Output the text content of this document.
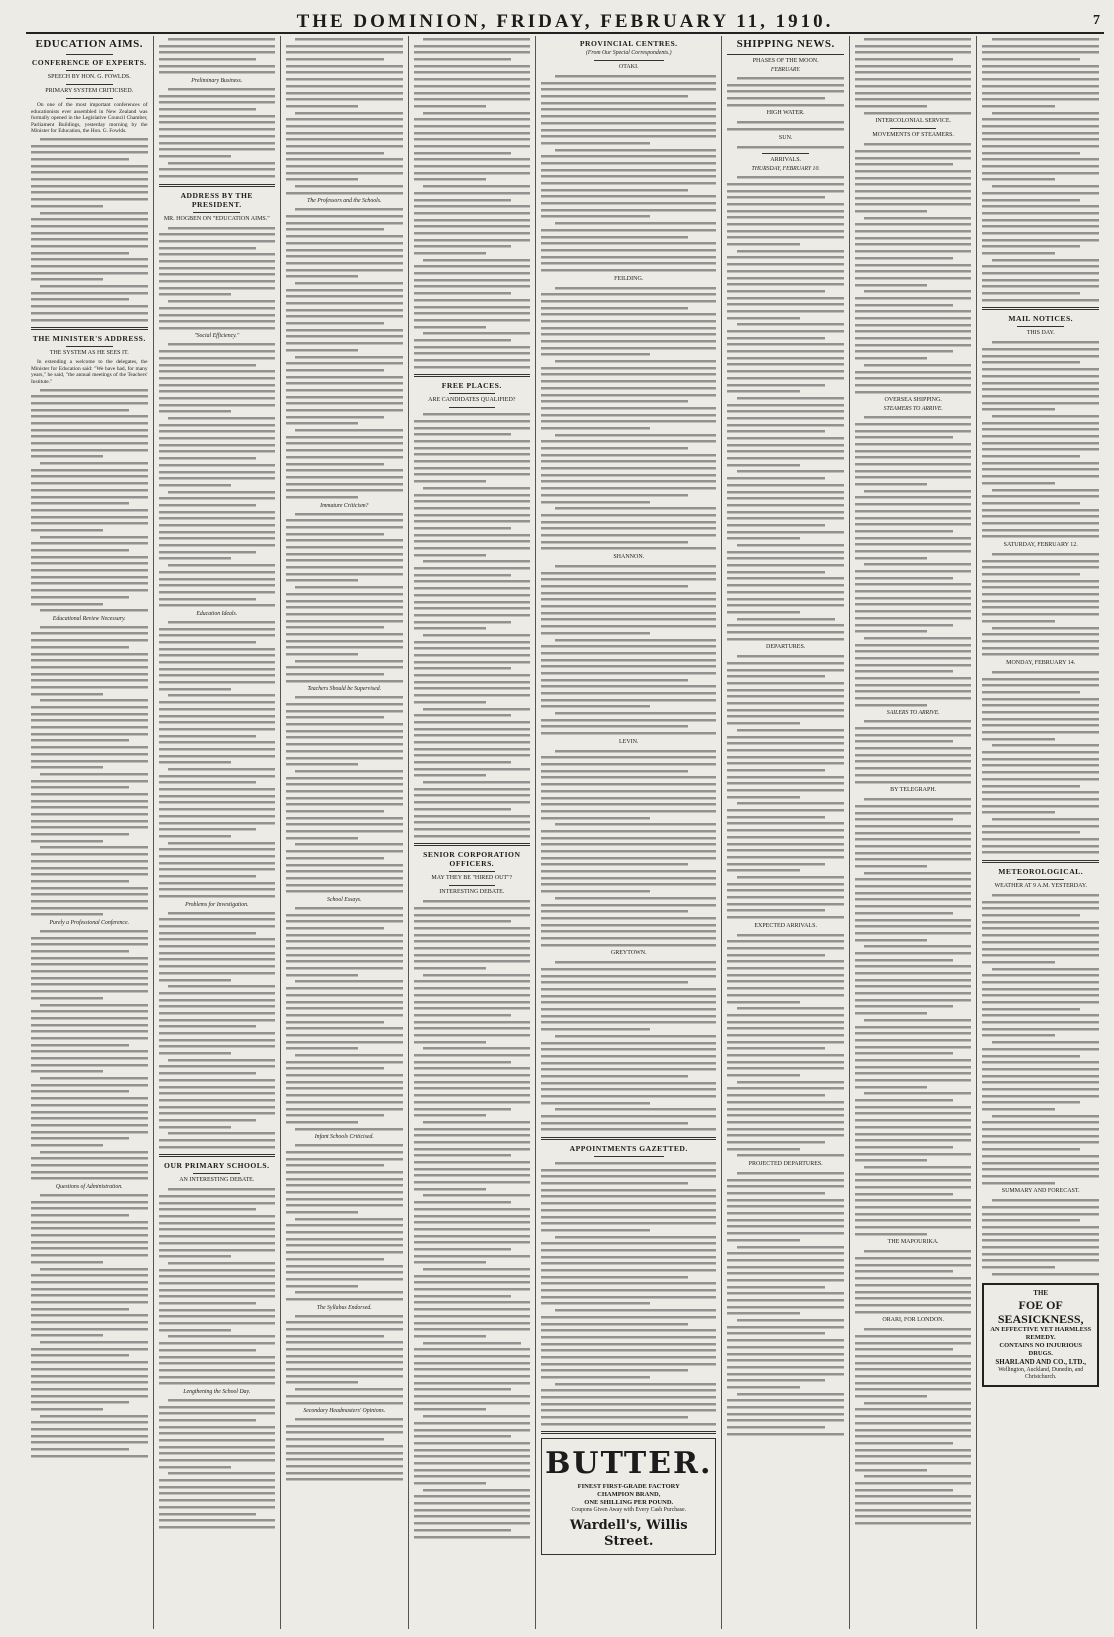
THE DOMINION, FRIDAY, FEBRUARY 11, 1910.	7
EDUCATION AIMS.
CONFERENCE OF EXPERTS.
SPEECH BY HON. G. FOWLDS.
PRIMARY SYSTEM CRITICISED.

On one of the most important conferences of educationists ever assembled in New Zealand was formally opened in the Legislative Council Chamber, Parliament Buildings, yesterday morning by the Minister for Education, the Hon. G. Fowlds.

THE MINISTER'S ADDRESS.
THE SYSTEM AS HE SEES IT.

In extending a welcome to the delegates, the Minister for Education said: "We have had, for many years," he said, "the annual meetings of the Teachers' Institute."

Educational Review Necessary.
Purely a Professional Conference.
Questions of Administration.
Preliminary Business.
ADDRESS BY THE PRESIDENT.
MR. HOGBEN ON "EDUCATION AIMS."
"Social Efficiency."
Education Ideals.
Problems for Investigation.
OUR PRIMARY SCHOOLS.
AN INTERESTING DEBATE.
Lengthening the School Day.
The Professors and the Schools.
Immature Criticism?
Teachers Should be Supervised.
School Essays.
Infant Schools Criticised.
The Syllabus Endorsed.
Secondary Headmasters' Opinions.
FREE PLACES.
ARE CANDIDATES QUALIFIED?
SENIOR CORPORATION OFFICERS.
MAY THEY BE "HIRED OUT"?
INTERESTING DEBATE.
PROVINCIAL CENTRES.
(From Our Special Correspondents.)
OTAKI.
FEILDING.
SHANNON.
LEVIN.
GREYTOWN.
APPOINTMENTS GAZETTED.
BUTTER.
FINEST FIRST-GRADE FACTORY
CHAMPION BRAND,
ONE SHILLING PER POUND.
Coupons Given Away with Every Cash Purchase.
Wardell's, Willis Street.
SHIPPING NEWS.
PHASES OF THE MOON.
FEBRUARY.
HIGH WATER.
SUN.
ARRIVALS.
THURSDAY, FEBRUARY 10.
DEPARTURES.
EXPECTED ARRIVALS.
PROJECTED DEPARTURES.
INTERCOLONIAL SERVICE.
MOVEMENTS OF STEAMERS.
OVERSEA SHIPPING.
STEAMERS TO ARRIVE.
SAILERS TO ARRIVE.
BY TELEGRAPH.
THE MAPOURIKA.
ORARI, FOR LONDON.
MAIL NOTICES.
THIS DAY.
SATURDAY, FEBRUARY 12.
MONDAY, FEBRUARY 14.
METEOROLOGICAL.
WEATHER AT 9 A.M. YESTERDAY.
SUMMARY AND FORECAST.
THE
FOE OF SEASICKNESS,
AN EFFECTIVE YET HARMLESS REMEDY.
CONTAINS NO INJURIOUS DRUGS.
SHARLAND AND CO., LTD.,
Wellington, Auckland, Dunedin, and Christchurch.
